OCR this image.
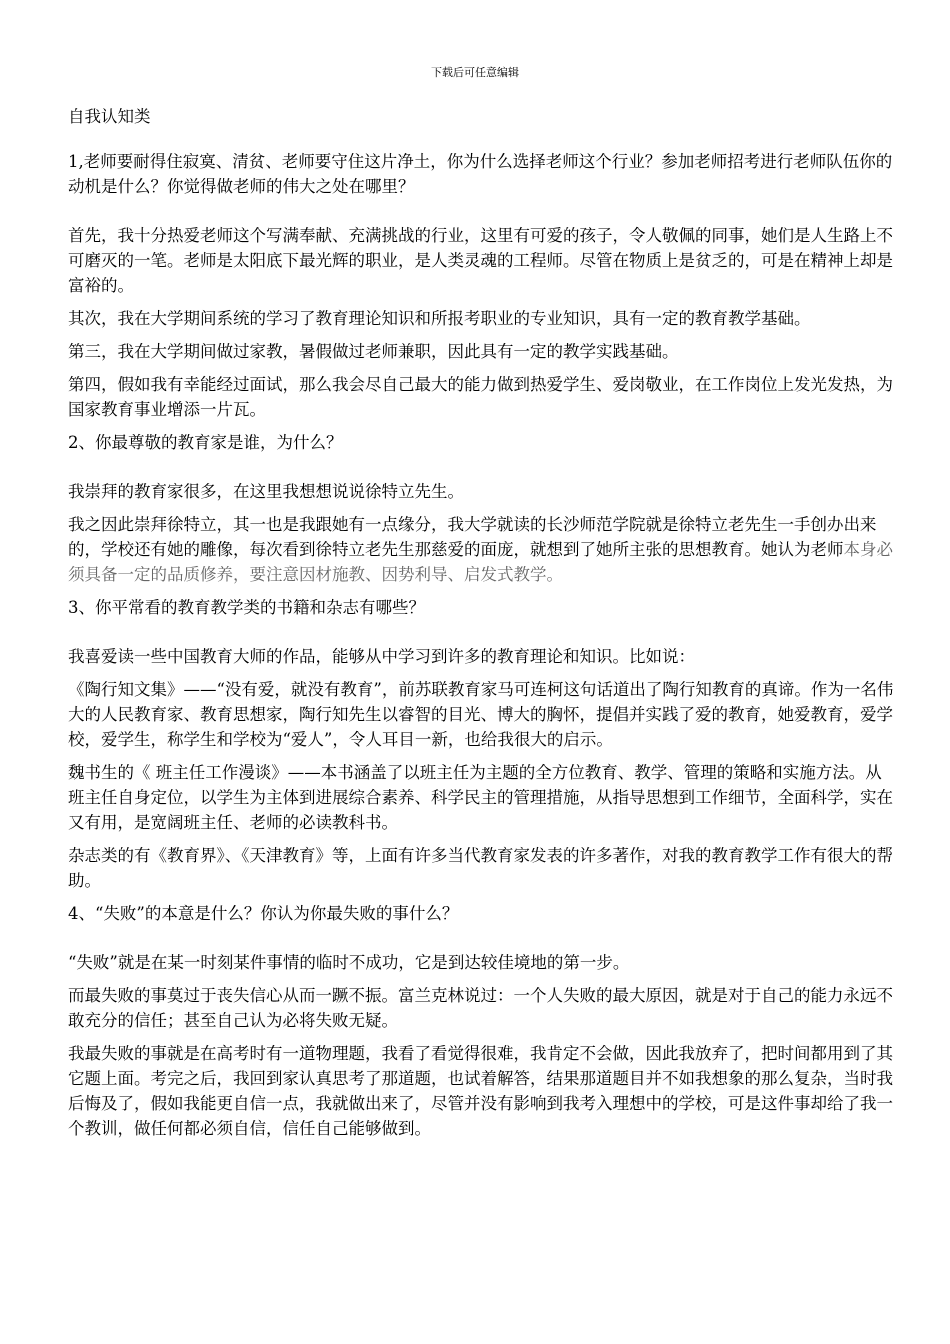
下载后可任意编辑

自我认知类

1,老师要耐得住寂寞、清贫、老师要守住这片净土，你为什么选择老师这个行业？参加老师招考进行老师队伍你的动机是什么？你觉得做老师的伟大之处在哪里？

首先，我十分热爱老师这个写满奉献、充满挑战的行业，这里有可爱的孩子，令人敬佩的同事，她们是人生路上不可磨灭的一笔。老师是太阳底下最光辉的职业，是人类灵魂的工程师。尽管在物质上是贫乏的，可是在精神上却是富裕的。

其次，我在大学期间系统的学习了教育理论知识和所报考职业的专业知识，具有一定的教育教学基础。

第三，我在大学期间做过家教，暑假做过老师兼职，因此具有一定的教学实践基础。

第四，假如我有幸能经过面试，那么我会尽自己最大的能力做到热爱学生、爱岗敬业，在工作岗位上发光发热，为国家教育事业增添一片瓦。

2、你最尊敬的教育家是谁，为什么？

我崇拜的教育家很多，在这里我想想说说徐特立先生。

我之因此崇拜徐特立，其一也是我跟她有一点缘分，我大学就读的长沙师范学院就是徐特立老先生一手创办出来的，学校还有她的雕像，每次看到徐特立老先生那慈爱的面庞，就想到了她所主张的思想教育。她认为老师本身必须具备一定的品质修养，要注意因材施教、因势利导、启发式教学。

3、你平常看的教育教学类的书籍和杂志有哪些？

我喜爱读一些中国教育大师的作品，能够从中学习到许多的教育理论和知识。比如说：

《陶行知文集》——“没有爱，就没有教育”，前苏联教育家马可连柯这句话道出了陶行知教育的真谛。作为一名伟大的人民教育家、教育思想家，陶行知先生以睿智的目光、博大的胸怀，提倡并实践了爱的教育，她爱教育，爱学校，爱学生，称学生和学校为“爱人”，令人耳目一新，也给我很大的启示。

魏书生的《 班主任工作漫谈》——本书涵盖了以班主任为主题的全方位教育、教学、管理的策略和实施方法。从班主任自身定位，以学生为主体到进展综合素养、科学民主的管理措施，从指导思想到工作细节，全面科学，实在又有用，是宽阔班主任、老师的必读教科书。

杂志类的有《教育界》、《天津教育》等，上面有许多当代教育家发表的许多著作，对我的教育教学工作有很大的帮助。

4、“失败”的本意是什么？你认为你最失败的事什么？

“失败”就是在某一时刻某件事情的临时不成功，它是到达较佳境地的第一步。

而最失败的事莫过于丧失信心从而一蹶不振。富兰克林说过：一个人失败的最大原因，就是对于自己的能力永远不敢充分的信任；甚至自己认为必将失败无疑。

我最失败的事就是在高考时有一道物理题，我看了看觉得很难，我肯定不会做，因此我放弃了，把时间都用到了其它题上面。考完之后，我回到家认真思考了那道题，也试着解答，结果那道题目并不如我想象的那么复杂，当时我后悔及了，假如我能更自信一点，我就做出来了，尽管并没有影响到我考入理想中的学校，可是这件事却给了我一个教训，做任何都必须自信，信任自己能够做到。
